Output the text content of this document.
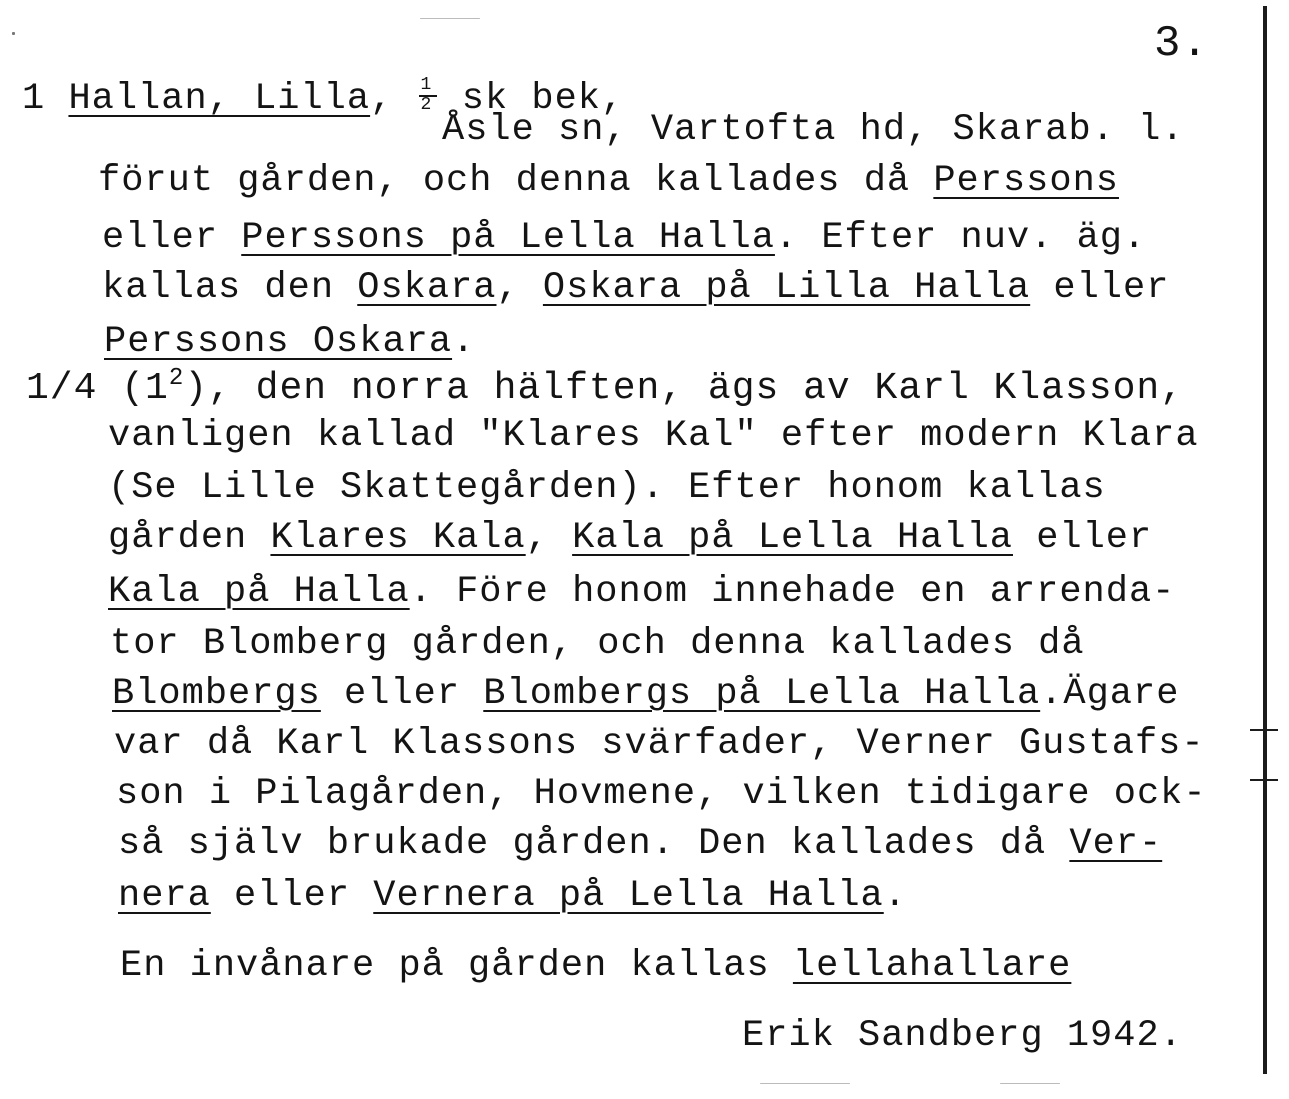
3.
1 Hallan, Lilla, $\frac{1}{2}$ sk bek,
Åsle sn, Vartofta hd, Skarab. l.
förut gården, och denna kallades då Perssons
eller Perssons på Lella Halla. Efter nuv. äg.
kallas den Oskara, Oskara på Lilla Halla eller
Perssons Oskara.
1/4 $(1^2)$, den norra hälften, ägs av Karl Klasson,
vanligen kallad "Klares Kal" efter modern Klara
(Se Lille Skattegården). Efter honom kallas
gården Klares Kala, Kala på Lella Halla eller
Kala på Halla. Före honom innehade en arrenda-
tor Blomberg gården, och denna kallades då
Blombergs eller Blombergs på Lella Halla.Ägare
var då Karl Klassons svärfader, Verner Gustafs-
son i Pilagården, Hovmene, vilken tidigare ock-
så själv brukade gården. Den kallades då Ver-
nera eller Vernera på Lella Halla.
En invånare på gården kallas lellahallare
Erik Sandberg 1942.
